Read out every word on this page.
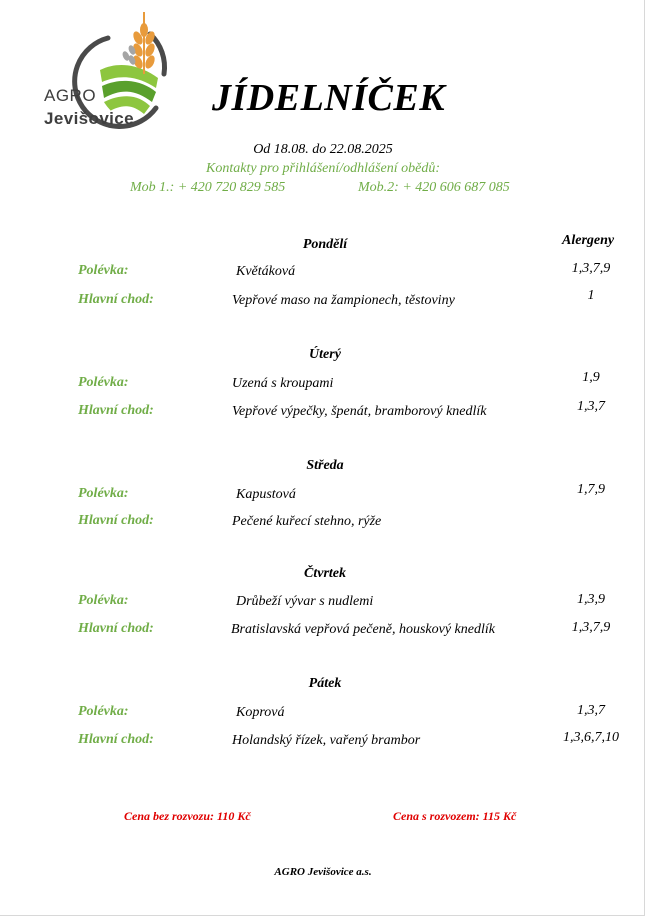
AGRO
Jevišovice JÍDELNÍČEK
Od 18.08. do 22.08.2025
Kontakty pro přihlášení/odhlášení obědů:
Mob 1.: + 420 720 829 585	Mob.2: + 420 606 687 085
Alergeny
Pondělí
Polévka:	Květáková	1,3,7,9
Hlavní chod:	Vepřové maso na žampionech, těstoviny	1
Úterý
Polévka:	Uzená s kroupami	1,9
Hlavní chod:	Vepřové výpečky, špenát, bramborový knedlík	1,3,7
Středa
Polévka:	Kapustová	1,7,9
Hlavní chod:	Pečené kuřecí stehno, rýže
Čtvrtek
Polévka:	Drůbeží vývar s nudlemi	1,3,9
Hlavní chod:	Bratislavská vepřová pečeně, houskový knedlík	1,3,7,9
Pátek
Polévka:	Koprová	1,3,7
Hlavní chod:	Holandský řízek, vařený brambor	1,3,6,7,10
Cena bez rozvozu: 110 Kč	Cena s rozvozem: 115 Kč
AGRO Jevišovice a.s.
